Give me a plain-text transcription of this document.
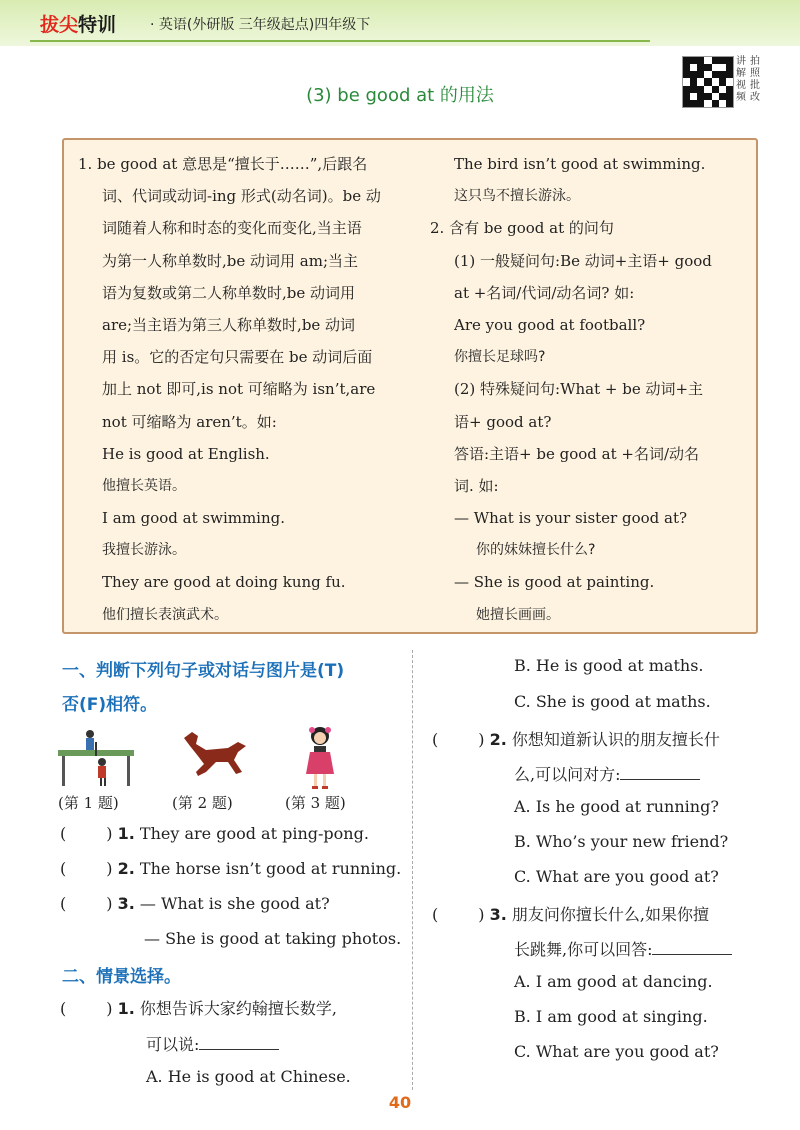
拔尖特训 · 英语(外研版 三年级起点)四年级下
(3) be good at 的用法
讲 拍
解 照
视 批
频 改
1. be good at 意思是“擅长于……”,后跟名
词、代词或动词-ing 形式(动名词)。be 动
词随着人称和时态的变化而变化,当主语
为第一人称单数时,be 动词用 am;当主
语为复数或第二人称单数时,be 动词用
are;当主语为第三人称单数时,be 动词
用 is。它的否定句只需要在 be 动词后面
加上 not 即可,is not 可缩略为 isn’t,are
not 可缩略为 aren’t。如:
He is good at English.
他擅长英语。
I am good at swimming.
我擅长游泳。
They are good at doing kung fu.
他们擅长表演武术。
The bird isn’t good at swimming.
这只鸟不擅长游泳。
2. 含有 be good at 的问句
(1) 一般疑问句:Be 动词+主语+ good
at +名词/代词/动名词? 如:
Are you good at football?
你擅长足球吗?
(2) 特殊疑问句:What + be 动词+主
语+ good at?
答语:主语+ be good at +名词/动名
词. 如:
— What is your sister good at?
你的妹妹擅长什么?
— She is good at painting.
她擅长画画。
一、判断下列句子或对话与图片是(T)
否(F)相符。
(第 1 题)	(第 2 题)	(第 3 题)
(	) 1. They are good at ping-pong.
(	) 2. The horse isn’t good at running.
(	) 3. — What is she good at?
— She is good at taking photos.
二、情景选择。
(	) 1. 你想告诉大家约翰擅长数学,
可以说:
A. He is good at Chinese.
B. He is good at maths.
C. She is good at maths.
(	) 2. 你想知道新认识的朋友擅长什
么,可以问对方:
A. Is he good at running?
B. Who’s your new friend?
C. What are you good at?
(	) 3. 朋友问你擅长什么,如果你擅
长跳舞,你可以回答:
A. I am good at dancing.
B. I am good at singing.
C. What are you good at?
40
